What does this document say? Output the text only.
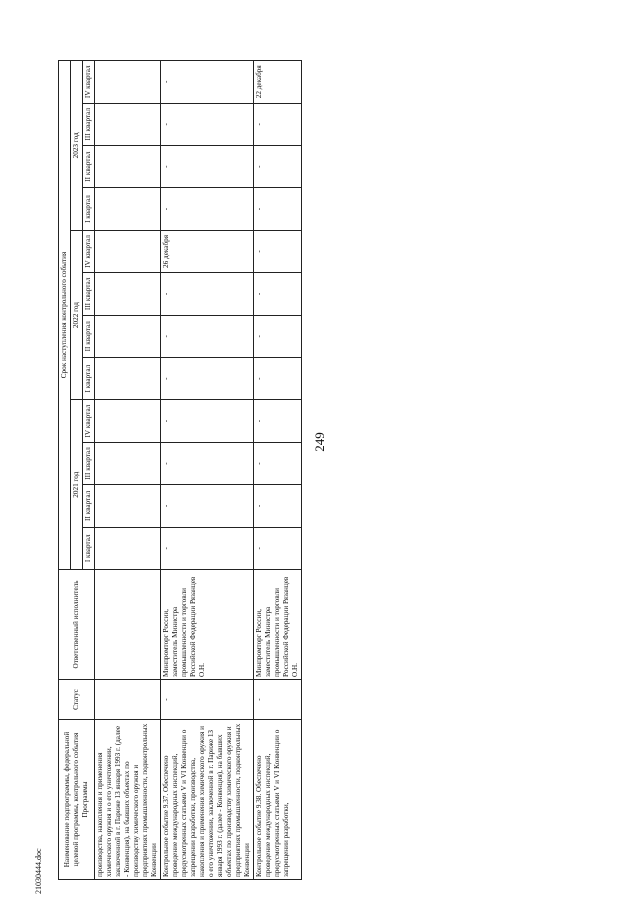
249
Наименование подпрограммы, федеральной целевой программы, контрольного события Программы	Статус	Ответственный исполнитель	Срок наступления контрольного события											
			2021 год				2022 год				2023 год			
			I квартал	II квартал	III квартал	IV квартал	I квартал	II квартал	III квартал	IV квартал	I квартал	II квартал	III квартал	IV квартал
производства, накопления и применения химического оружия и о его уничтожении, заключенной в г. Париже 13 января 1993 г. (далее - Конвенция), на бывших объектах по производству химического оружия и предприятиях промышленности, подконтрольных Конвенции														
Контрольное событие 9.37. Обеспечено проведение международных инспекций, предусмотренных статьями V и VI Конвенции о запрещении разработки, производства, накопления и применения химического оружия и о его уничтожении, заключенной в г. Париже 13 января 1993 г. (далее - Конвенция), на бывших объектах по производству химического оружия и предприятиях промышленности, подконтрольных Конвенции	-	Минпромторг России, заместитель Министра промышленности и торговли Российской Федерации Рязанцев О.Н.	-	-	-	-	-	-	-	26 декабря	-	-	-	-
Контрольное событие 9.38. Обеспечено проведение международных инспекций, предусмотренных статьями V и VI Конвенции о запрещении разработки,	-	Минпромторг России, заместитель Министра промышленности и торговли Российской Федерации Рязанцев О.Н.	-	-	-	-	-	-	-	-	-	-	-	22 декабря
21030444.doc
